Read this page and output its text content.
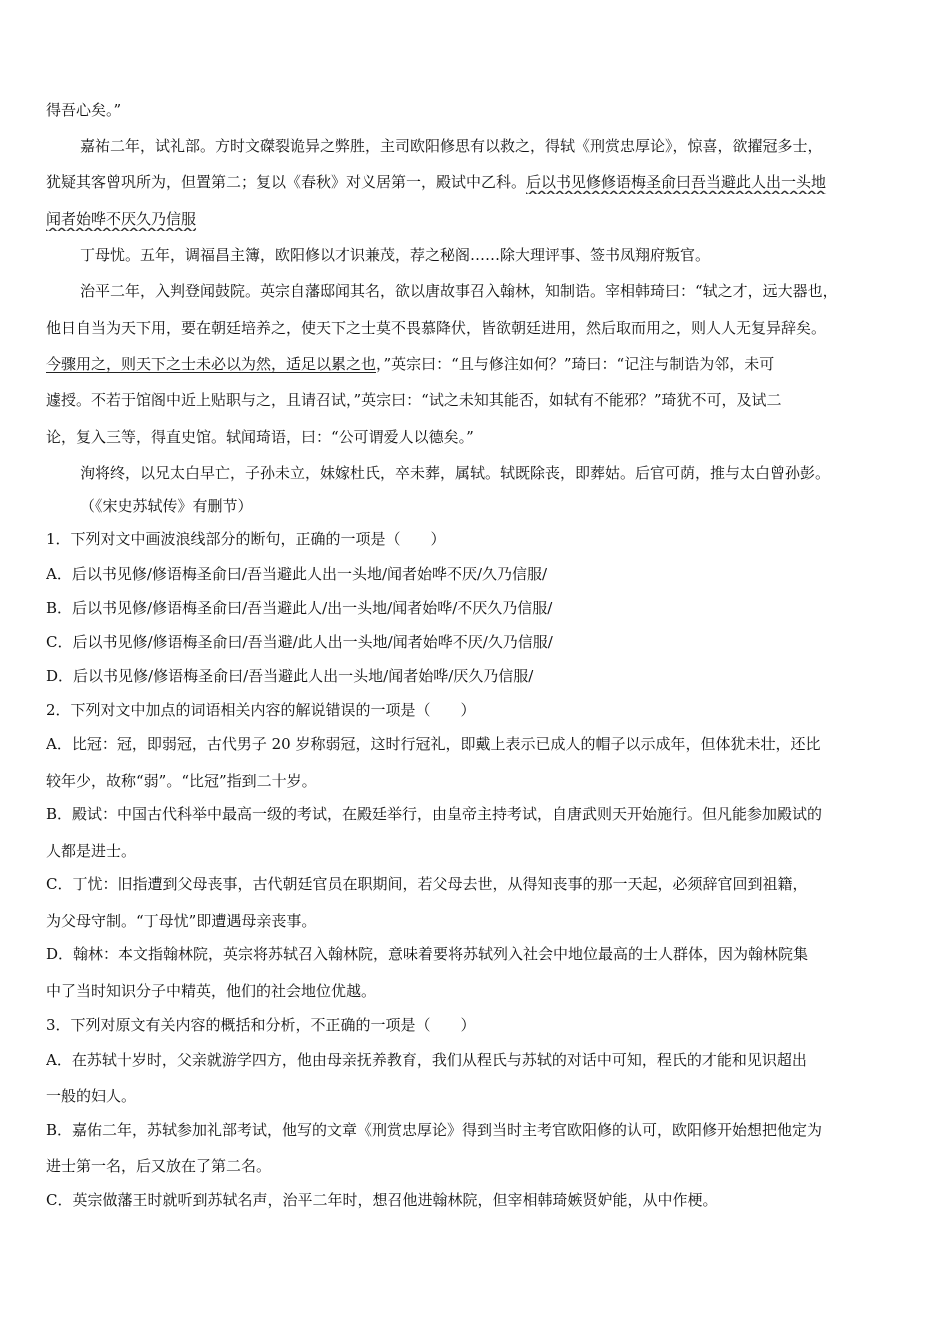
得吾心矣。”
嘉祐二年，试礼部。方时文磔裂诡异之弊胜，主司欧阳修思有以救之，得轼《刑赏忠厚论》，惊喜，欲擢冠多士，
犹疑其客曾巩所为，但置第二；复以《春秋》对义居第一，殿试中乙科。后以书见修修语梅圣俞曰吾当避此人出一头地
闻者始哗不厌久乃信服
丁母忧。五年，调福昌主簿，欧阳修以才识兼茂，荐之秘阁……除大理评事、签书凤翔府叛官。
治平二年，入判登闻鼓院。英宗自藩邸闻其名，欲以唐故事召入翰林，知制诰。宰相韩琦曰：“轼之才，远大器也，
他日自当为天下用，要在朝廷培养之，使天下之士莫不畏慕降伏，皆欲朝廷进用，然后取而用之，则人人无复异辞矣。
今骤用之，则天下之士未必以为然，适足以累之也，”英宗曰：“且与修注如何？”琦曰：“记注与制诰为邻，未可
遽授。不若于馆阁中近上贴职与之，且请召试，”英宗曰：“试之未知其能否，如轼有不能邪？”琦犹不可，及试二
论，复入三等，得直史馆。轼闻琦语，曰：“公可谓爱人以德矣。”
洵将终，以兄太白早亡，子孙未立，妹嫁杜氏，卒未葬，属轼。轼既除丧，即葬姑。后官可荫，推与太白曾孙彭。
（《宋史苏轼传》有删节）
1．下列对文中画波浪线部分的断句，正确的一项是（　　）
A．后以书见修/修语梅圣俞曰/吾当避此人出一头地/闻者始哗不厌/久乃信服/
B．后以书见修/修语梅圣俞曰/吾当避此人/出一头地/闻者始哗/不厌久乃信服/
C．后以书见修/修语梅圣俞曰/吾当避/此人出一头地/闻者始哗不厌/久乃信服/
D．后以书见修/修语梅圣俞曰/吾当避此人出一头地/闻者始哗/厌久乃信服/
2．下列对文中加点的词语相关内容的解说错误的一项是（　　）
A．比冠：冠，即弱冠，古代男子 20 岁称弱冠，这时行冠礼，即戴上表示已成人的帽子以示成年，但体犹未壮，还比
较年少，故称“弱”。“比冠”指到二十岁。
B．殿试：中国古代科举中最高一级的考试，在殿廷举行，由皇帝主持考试，自唐武则天开始施行。但凡能参加殿试的
人都是进士。
C．丁忧：旧指遭到父母丧事，古代朝廷官员在职期间，若父母去世，从得知丧事的那一天起，必须辞官回到祖籍，
为父母守制。“丁母忧”即遭遇母亲丧事。
D．翰林：本文指翰林院，英宗将苏轼召入翰林院，意味着要将苏轼列入社会中地位最高的士人群体，因为翰林院集
中了当时知识分子中精英，他们的社会地位优越。
3．下列对原文有关内容的概括和分析，不正确的一项是（　　）
A．在苏轼十岁时，父亲就游学四方，他由母亲抚养教育，我们从程氏与苏轼的对话中可知，程氏的才能和见识超出
一般的妇人。
B．嘉佑二年，苏轼参加礼部考试，他写的文章《刑赏忠厚论》得到当时主考官欧阳修的认可，欧阳修开始想把他定为
进士第一名，后又放在了第二名。
C．英宗做藩王时就听到苏轼名声，治平二年时，想召他进翰林院，但宰相韩琦嫉贤妒能，从中作梗。
